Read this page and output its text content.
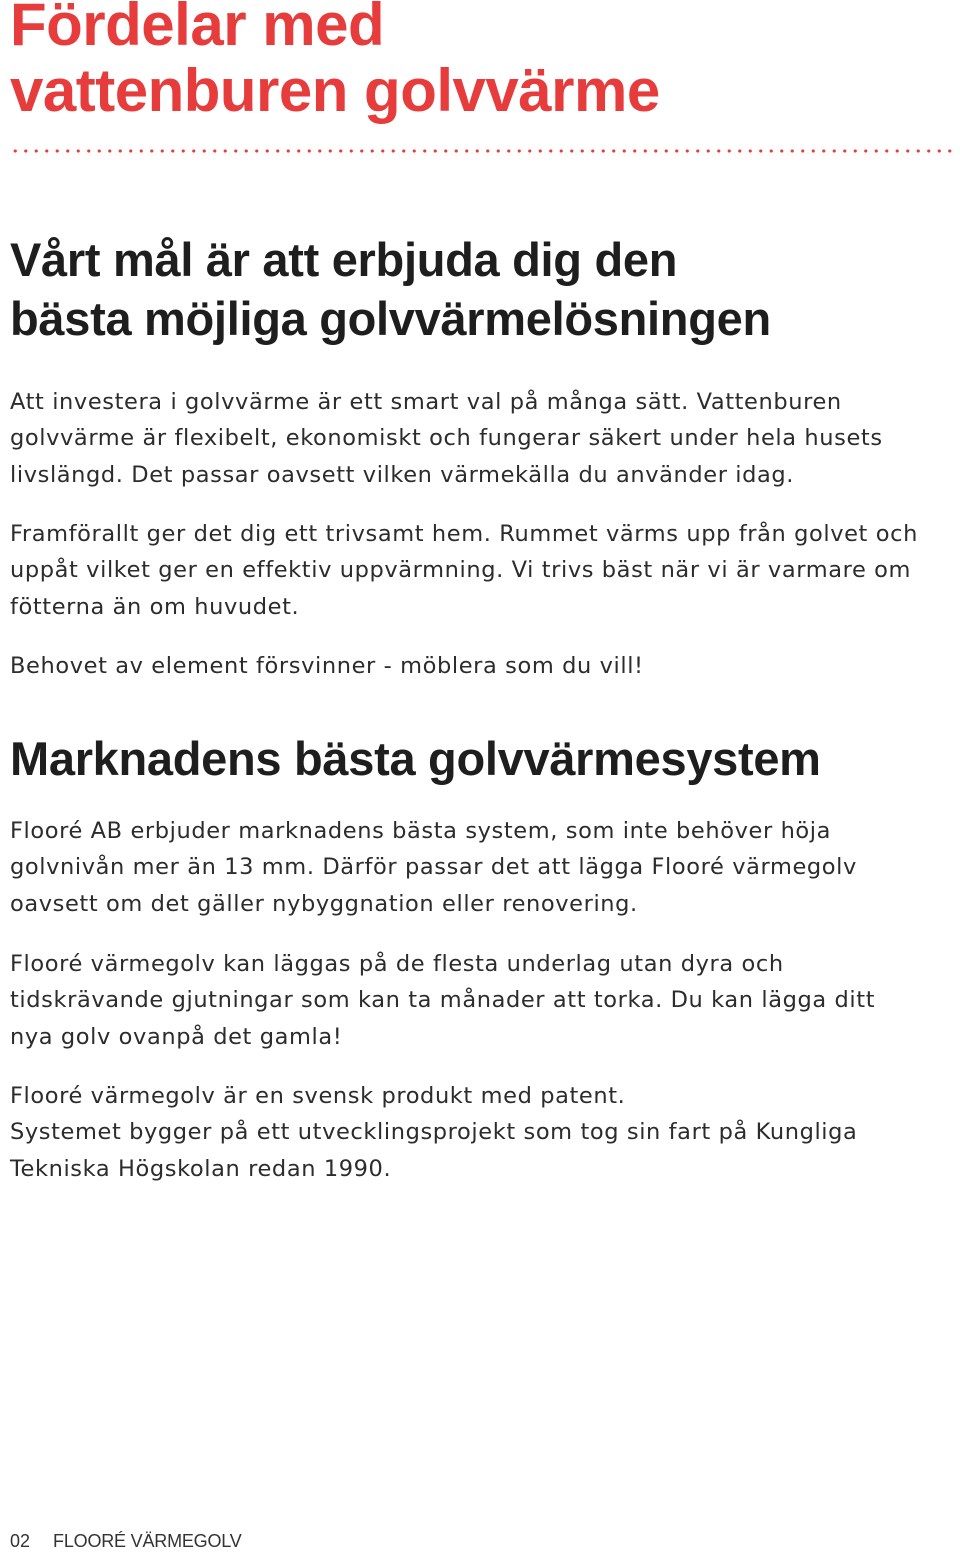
Fördelar med
vattenburen golvvärme
Vårt mål är att erbjuda dig den
bästa möjliga golvvärmelösningen

Att investera i golvvärme är ett smart val på många sätt. Vattenburen
golvvärme är flexibelt, ekonomiskt och fungerar säkert under hela husets
livslängd. Det passar oavsett vilken värmekälla du använder idag.

Framförallt ger det dig ett trivsamt hem. Rummet värms upp från golvet och
uppåt vilket ger en effektiv uppvärmning. Vi trivs bäst när vi är varmare om
fötterna än om huvudet.

Behovet av element försvinner - möblera som du vill!

Marknadens bästa golvvärmesystem

Flooré AB erbjuder marknadens bästa system, som inte behöver höja
golvnivån mer än 13 mm. Därför passar det att lägga Flooré värmegolv
oavsett om det gäller nybyggnation eller renovering.

Flooré värmegolv kan läggas på de flesta underlag utan dyra och
tidskrävande gjutningar som kan ta månader att torka. Du kan lägga ditt
nya golv ovanpå det gamla!

Flooré värmegolv är en svensk produkt med patent.
Systemet bygger på ett utvecklingsprojekt som tog sin fart på Kungliga
Tekniska Högskolan redan 1990.

02 FLOORÉ VÄRMEGOLV
